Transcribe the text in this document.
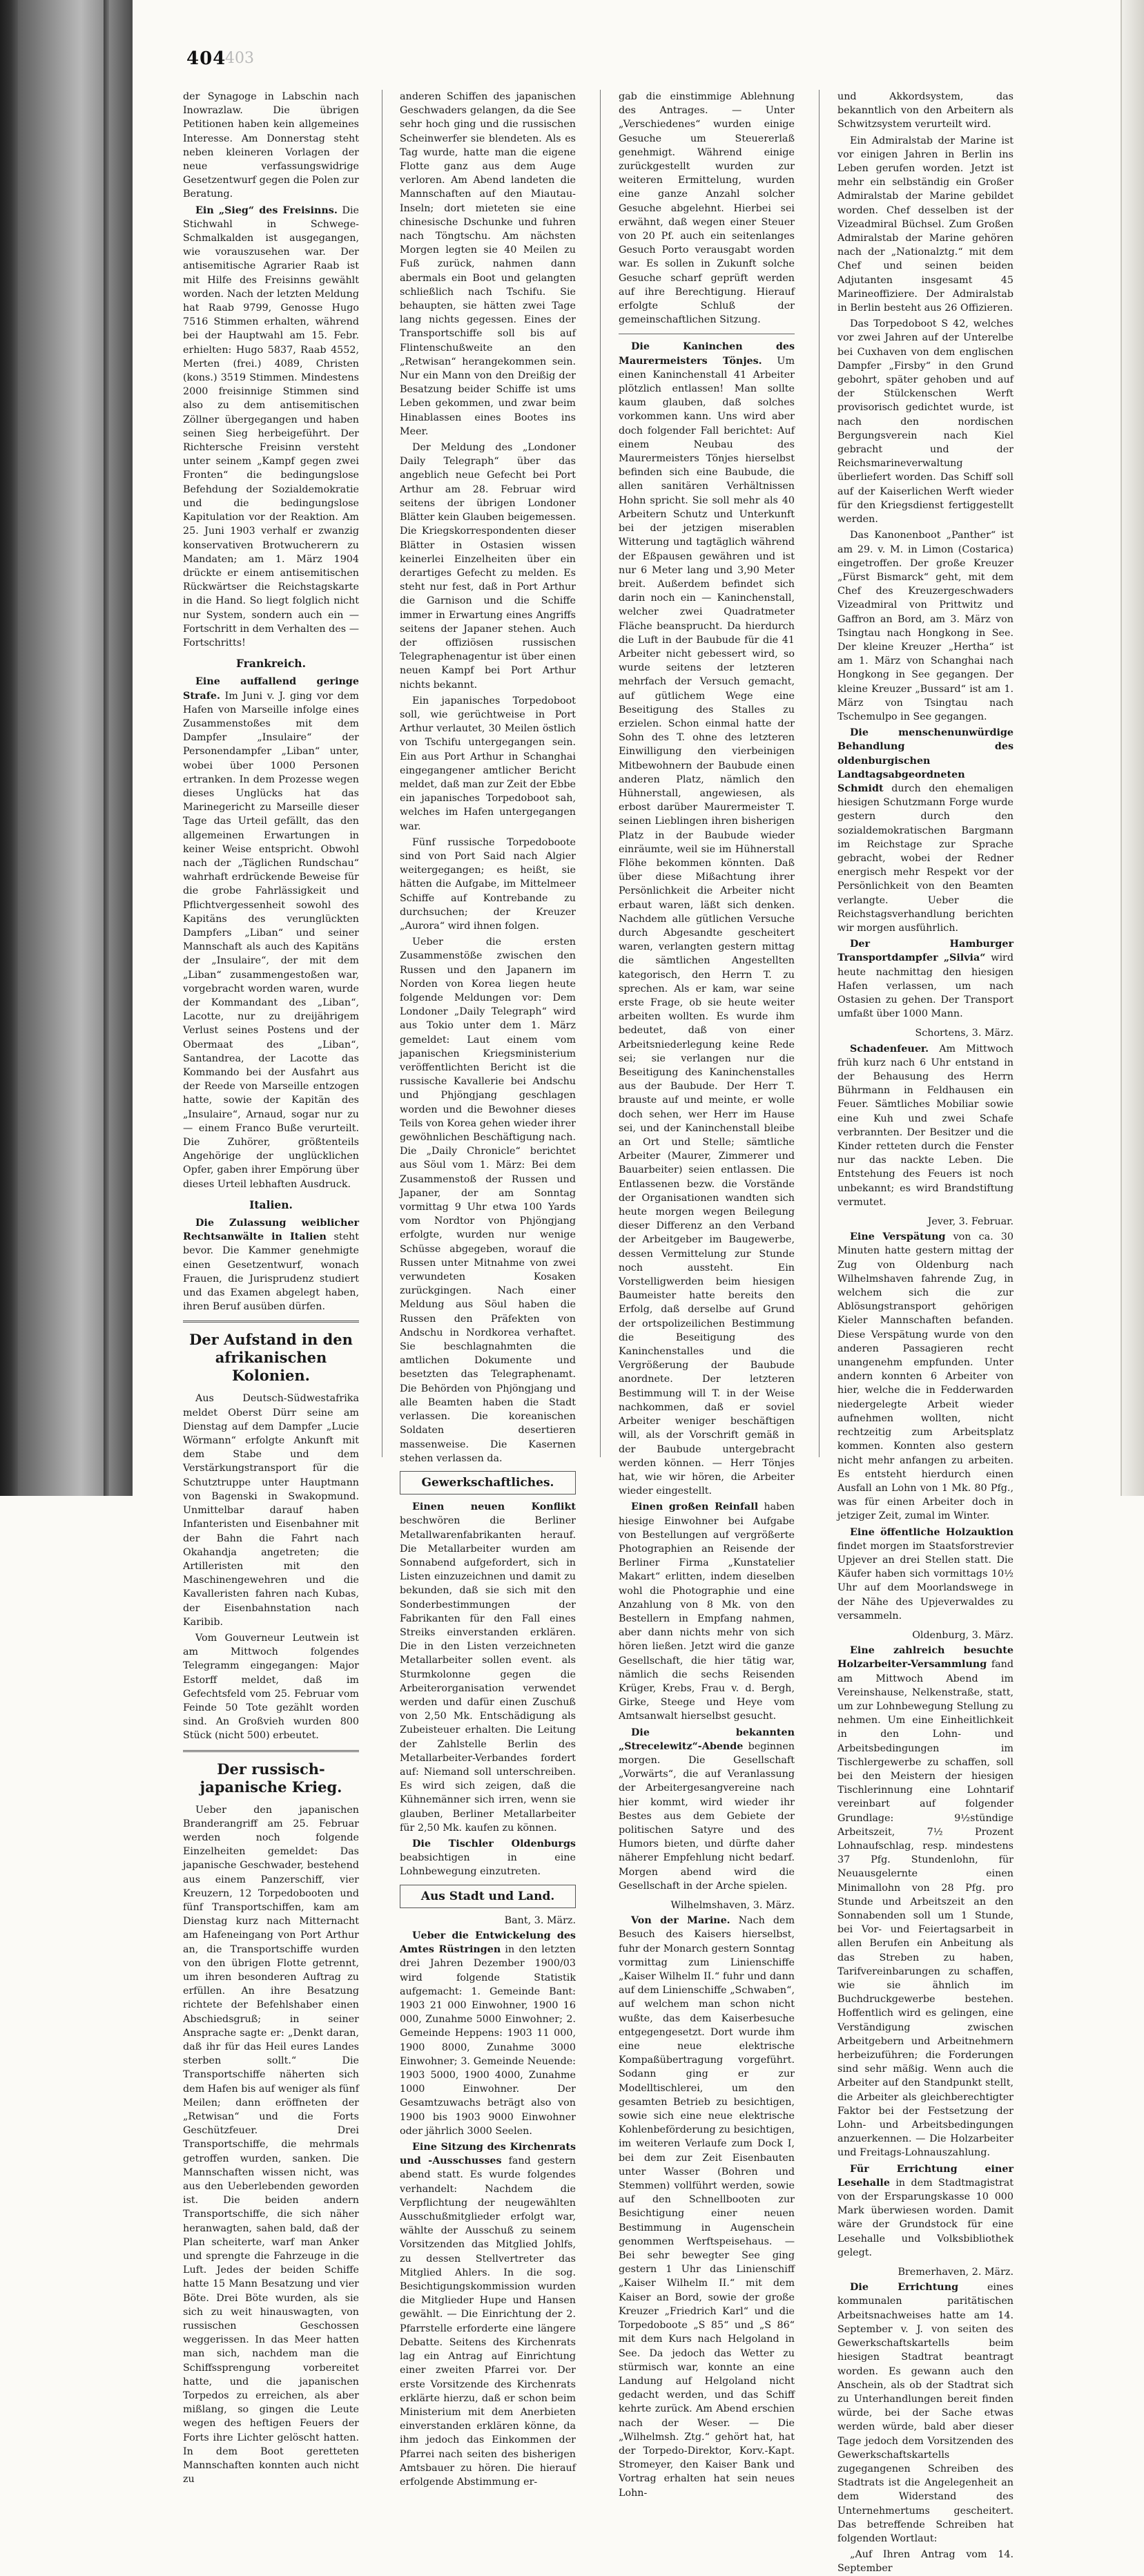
404
403

der Synagoge in Labschin nach Inowrazlaw. Die übrigen Petitionen haben kein allgemeines Interesse. Am Donnerstag steht neben kleineren Vorlagen der neue verfassungswidrige Gesetzentwurf gegen die Polen zur Beratung.

Ein „Sieg“ des Freisinns. Die Stichwahl in Schwege-Schmalkalden ist ausgegangen, wie vorauszusehen war. Der antisemitische Agrarier Raab ist mit Hilfe des Freisinns gewählt worden. Nach der letzten Meldung hat Raab 9799, Genosse Hugo 7516 Stimmen erhalten, während bei der Hauptwahl am 15. Febr. erhielten: Hugo 5837, Raab 4552, Merten (frei.) 4089, Christen (kons.) 3519 Stimmen. Mindestens 2000 freisinnige Stimmen sind also zu dem antisemitischen Zöllner übergegangen und haben seinen Sieg herbeigeführt. Der Richtersche Freisinn versteht unter seinem „Kampf gegen zwei Fronten“ die bedingungslose Befehdung der Sozialdemokratie und die bedingungslose Kapitulation vor der Reaktion. Am 25. Juni 1903 verhalf er zwanzig konservativen Brotwucherern zu Mandaten; am 1. März 1904 drückte er einem antisemitischen Rückwärtser die Reichstagskarte in die Hand. So liegt folglich nicht nur System, sondern auch ein — Fortschritt in dem Verhalten des — Fortschritts!

Frankreich.

Eine auffallend geringe Strafe. Im Juni v. J. ging vor dem Hafen von Marseille infolge eines Zusammenstoßes mit dem Dampfer „Insulaire“ der Personendampfer „Liban“ unter, wobei über 1000 Personen ertranken. In dem Prozesse wegen dieses Unglücks hat das Marinegericht zu Marseille dieser Tage das Urteil gefällt, das den allgemeinen Erwartungen in keiner Weise entspricht. Obwohl nach der „Täglichen Rundschau“ wahrhaft erdrückende Beweise für die grobe Fahrlässigkeit und Pflichtvergessenheit sowohl des Kapitäns des verunglückten Dampfers „Liban“ und seiner Mannschaft als auch des Kapitäns der „Insulaire“, der mit dem „Liban“ zusammengestoßen war, vorgebracht worden waren, wurde der Kommandant des „Liban“, Lacotte, nur zu dreijährigem Verlust seines Postens und der Obermaat des „Liban“, Santandrea, der Lacotte das Kommando bei der Ausfahrt aus der Reede von Marseille entzogen hatte, sowie der Kapitän des „Insulaire“, Arnaud, sogar nur zu — einem Franco Buße verurteilt. Die Zuhörer, größtenteils Angehörige der unglücklichen Opfer, gaben ihrer Empörung über dieses Urteil lebhaften Ausdruck.

Italien.

Die Zulassung weiblicher Rechtsanwälte in Italien steht bevor. Die Kammer genehmigte einen Gesetzentwurf, wonach Frauen, die Jurisprudenz studiert und das Examen abgelegt haben, ihren Beruf ausüben dürfen.

Der Aufstand in den afrikanischen Kolonien.

Aus Deutsch-Südwestafrika meldet Oberst Dürr seine am Dienstag auf dem Dampfer „Lucie Wörmann“ erfolgte Ankunft mit dem Stabe und dem Verstärkungstransport für die Schutztruppe unter Hauptmann von Bagenski in Swakopmund. Unmittelbar darauf haben Infanteristen und Eisenbahner mit der Bahn die Fahrt nach Okahandja angetreten; die Artilleristen mit den Maschinengewehren und die Kavalleristen fahren nach Kubas, der Eisenbahnstation nach Karibib.

Vom Gouverneur Leutwein ist am Mittwoch folgendes Telegramm eingegangen: Major Estorff meldet, daß im Gefechtsfeld vom 25. Februar vom Feinde 50 Tote gezählt worden sind. An Großvieh wurden 800 Stück (nicht 500) erbeutet.

Der russisch-japanische Krieg.

Ueber den japanischen Branderangriff am 25. Februar werden noch folgende Einzelheiten gemeldet: Das japanische Geschwader, bestehend aus einem Panzerschiff, vier Kreuzern, 12 Torpedobooten und fünf Transportschiffen, kam am Dienstag kurz nach Mitternacht am Hafeneingang von Port Arthur an, die Transportschiffe wurden von den übrigen Flotte getrennt, um ihren besonderen Auftrag zu erfüllen. An ihre Besatzung richtete der Befehlshaber einen Abschiedsgruß; in seiner Ansprache sagte er: „Denkt daran, daß ihr für das Heil eures Landes sterben sollt.“ Die Transportschiffe näherten sich dem Hafen bis auf weniger als fünf Meilen; dann eröffneten der „Retwisan“ und die Forts Geschützfeuer. Drei Transportschiffe, die mehrmals getroffen wurden, sanken. Die Mannschaften wissen nicht, was aus den Ueberlebenden geworden ist. Die beiden andern Transportschiffe, die sich näher heranwagten, sahen bald, daß der Plan scheiterte, warf man Anker und sprengte die Fahrzeuge in die Luft. Jedes der beiden Schiffe hatte 15 Mann Besatzung und vier Böte. Drei Böte wurden, als sie sich zu weit hinauswagten, von russischen Geschossen weggerissen. In das Meer hatten man sich, nachdem man die Schiffssprengung vorbereitet hatte, und die japanischen Torpedos zu erreichen, als aber mißlang, so gingen die Leute wegen des heftigen Feuers der Forts ihre Lichter gelöscht hatten. In dem Boot geretteten Mannschaften konnten auch nicht zu

anderen Schiffen des japanischen Geschwaders gelangen, da die See sehr hoch ging und die russischen Scheinwerfer sie blendeten. Als es Tag wurde, hatte man die eigene Flotte ganz aus dem Auge verloren. Am Abend landeten die Mannschaften auf den Miautau-Inseln; dort mieteten sie eine chinesische Dschunke und fuhren nach Töngtschu. Am nächsten Morgen legten sie 40 Meilen zu Fuß zurück, nahmen dann abermals ein Boot und gelangten schließlich nach Tschifu. Sie behaupten, sie hätten zwei Tage lang nichts gegessen. Eines der Transportschiffe soll bis auf Flintenschußweite an den „Retwisan“ herangekommen sein. Nur ein Mann von den Dreißig der Besatzung beider Schiffe ist ums Leben gekommen, und zwar beim Hinablassen eines Bootes ins Meer.

Der Meldung des „Londoner Daily Telegraph“ über das angeblich neue Gefecht bei Port Arthur am 28. Februar wird seitens der übrigen Londoner Blätter kein Glauben beigemessen. Die Kriegskorrespondenten dieser Blätter in Ostasien wissen keinerlei Einzelheiten über ein derartiges Gefecht zu melden. Es steht nur fest, daß in Port Arthur die Garnison und die Schiffe immer in Erwartung eines Angriffs seitens der Japaner stehen. Auch der offiziösen russischen Telegraphenagentur ist über einen neuen Kampf bei Port Arthur nichts bekannt.

Ein japanisches Torpedoboot soll, wie gerüchtweise in Port Arthur verlautet, 30 Meilen östlich von Tschifu untergegangen sein. Ein aus Port Arthur in Schanghai eingegangener amtlicher Bericht meldet, daß man zur Zeit der Ebbe ein japanisches Torpedoboot sah, welches im Hafen untergegangen war.

Fünf russische Torpedoboote sind von Port Said nach Algier weitergegangen; es heißt, sie hätten die Aufgabe, im Mittelmeer Schiffe auf Kontrebande zu durchsuchen; der Kreuzer „Aurora“ wird ihnen folgen.

Ueber die ersten Zusammenstöße zwischen den Russen und den Japanern im Norden von Korea liegen heute folgende Meldungen vor: Dem Londoner „Daily Telegraph“ wird aus Tokio unter dem 1. März gemeldet: Laut einem vom japanischen Kriegsministerium veröffentlichten Bericht ist die russische Kavallerie bei Andschu und Phjöngjang geschlagen worden und die Bewohner dieses Teils von Korea gehen wieder ihrer gewöhnlichen Beschäftigung nach. Die „Daily Chronicle“ berichtet aus Söul vom 1. März: Bei dem Zusammenstoß der Russen und Japaner, der am Sonntag vormittag 9 Uhr etwa 100 Yards vom Nordtor von Phjöngjang erfolgte, wurden nur wenige Schüsse abgegeben, worauf die Russen unter Mitnahme von zwei verwundeten Kosaken zurückgingen. Nach einer Meldung aus Söul haben die Russen den Präfekten von Andschu in Nordkorea verhaftet. Sie beschlagnahmten die amtlichen Dokumente und besetzten das Telegraphenamt. Die Behörden von Phjöngjang und alle Beamten haben die Stadt verlassen. Die koreanischen Soldaten desertieren massenweise. Die Kasernen stehen verlassen da.

Gewerkschaftliches.

Einen neuen Konflikt beschwören die Berliner Metallwarenfabrikanten herauf. Die Metallarbeiter wurden am Sonnabend aufgefordert, sich in Listen einzuzeichnen und damit zu bekunden, daß sie sich mit den Sonderbestimmungen der Fabrikanten für den Fall eines Streiks einverstanden erklären. Die in den Listen verzeichneten Metallarbeiter sollen event. als Sturmkolonne gegen die Arbeiterorganisation verwendet werden und dafür einen Zuschuß von 2,50 Mk. Entschädigung als Zubeisteuer erhalten. Die Leitung der Zahlstelle Berlin des Metallarbeiter-Verbandes fordert auf: Niemand soll unterschreiben. Es wird sich zeigen, daß die Kühnemänner sich irren, wenn sie glauben, Berliner Metallarbeiter für 2,50 Mk. kaufen zu können.

Die Tischler Oldenburgs beabsichtigen in eine Lohnbewegung einzutreten.

Aus Stadt und Land.
Bant, 3. März.

Ueber die Entwickelung des Amtes Rüstringen in den letzten drei Jahren Dezember 1900/03 wird folgende Statistik aufgemacht: 1. Gemeinde Bant: 1903 21 000 Einwohner, 1900 16 000, Zunahme 5000 Einwohner; 2. Gemeinde Heppens: 1903 11 000, 1900 8000, Zunahme 3000 Einwohner; 3. Gemeinde Neuende: 1903 5000, 1900 4000, Zunahme 1000 Einwohner. Der Gesamtzuwachs beträgt also von 1900 bis 1903 9000 Einwohner oder jährlich 3000 Seelen.

Eine Sitzung des Kirchenrats und -Ausschusses fand gestern abend statt. Es wurde folgendes verhandelt: Nachdem die Verpflichtung der neugewählten Ausschußmitglieder erfolgt war, wählte der Ausschuß zu seinem Vorsitzenden das Mitglied Johlfs, zu dessen Stellvertreter das Mitglied Ahlers. In die sog. Besichtigungskommission wurden die Mitglieder Hupe und Hansen gewählt. — Die Einrichtung der 2. Pfarrstelle erforderte eine längere Debatte. Seitens des Kirchenrats lag ein Antrag auf Einrichtung einer zweiten Pfarrei vor. Der erste Vorsitzende des Kirchenrats erklärte hierzu, daß er schon beim Ministerium mit dem Anerbieten einverstanden erklären könne, da ihm jedoch das Einkommen der Pfarrei nach seiten des bisherigen Amtsbauer zu hören. Die hierauf erfolgende Abstimmung er-

gab die einstimmige Ablehnung des Antrages. — Unter „Verschiedenes“ wurden einige Gesuche um Steuererlaß genehmigt. Während einige zurückgestellt wurden zur weiteren Ermittelung, wurden eine ganze Anzahl solcher Gesuche abgelehnt. Hierbei sei erwähnt, daß wegen einer Steuer von 20 Pf. auch ein seitenlanges Gesuch Porto verausgabt worden war. Es sollen in Zukunft solche Gesuche scharf geprüft werden auf ihre Berechtigung. Hierauf erfolgte Schluß der gemeinschaftlichen Sitzung.

Die Kaninchen des Maurermeisters Tönjes. Um einen Kaninchenstall 41 Arbeiter plötzlich entlassen! Man sollte kaum glauben, daß solches vorkommen kann. Uns wird aber doch folgender Fall berichtet: Auf einem Neubau des Maurermeisters Tönjes hierselbst befinden sich eine Baubude, die allen sanitären Verhältnissen Hohn spricht. Sie soll mehr als 40 Arbeitern Schutz und Unterkunft bei der jetzigen miserablen Witterung und tagtäglich während der Eßpausen gewähren und ist nur 6 Meter lang und 3,90 Meter breit. Außerdem befindet sich darin noch ein — Kaninchenstall, welcher zwei Quadratmeter Fläche beansprucht. Da hierdurch die Luft in der Baubude für die 41 Arbeiter nicht gebessert wird, so wurde seitens der letzteren mehrfach der Versuch gemacht, auf gütlichem Wege eine Beseitigung des Stalles zu erzielen. Schon einmal hatte der Sohn des T. ohne des letzteren Einwilligung den vierbeinigen Mitbewohnern der Baubude einen anderen Platz, nämlich den Hühnerstall, angewiesen, als erbost darüber Maurermeister T. seinen Lieblingen ihren bisherigen Platz in der Baubude wieder einräumte, weil sie im Hühnerstall Flöhe bekommen könnten. Daß über diese Mißachtung ihrer Persönlichkeit die Arbeiter nicht erbaut waren, läßt sich denken. Nachdem alle gütlichen Versuche durch Abgesandte gescheitert waren, verlangten gestern mittag die sämtlichen Angestellten kategorisch, den Herrn T. zu sprechen. Als er kam, war seine erste Frage, ob sie heute weiter arbeiten wollten. Es wurde ihm bedeutet, daß von einer Arbeitsniederlegung keine Rede sei; sie verlangen nur die Beseitigung des Kaninchenstalles aus der Baubude. Der Herr T. brauste auf und meinte, er wolle doch sehen, wer Herr im Hause sei, und der Kaninchenstall bleibe an Ort und Stelle; sämtliche Arbeiter (Maurer, Zimmerer und Bauarbeiter) seien entlassen. Die Entlassenen bezw. die Vorstände der Organisationen wandten sich heute morgen wegen Beilegung dieser Differenz an den Verband der Arbeitgeber im Baugewerbe, dessen Vermittelung zur Stunde noch aussteht. Ein Vorstelligwerden beim hiesigen Baumeister hatte bereits den Erfolg, daß derselbe auf Grund der ortspolizeilichen Bestimmung die Beseitigung des Kaninchenstalles und die Vergrößerung der Baubude anordnete. Der letzteren Bestimmung will T. in der Weise nachkommen, daß er soviel Arbeiter weniger beschäftigen will, als der Vorschrift gemäß in der Baubude untergebracht werden können. — Herr Tönjes hat, wie wir hören, die Arbeiter wieder eingestellt.

Einen großen Reinfall haben hiesige Einwohner bei Aufgabe von Bestellungen auf vergrößerte Photographien an Reisende der Berliner Firma „Kunstatelier Makart“ erlitten, indem dieselben wohl die Photographie und eine Anzahlung von 8 Mk. von den Bestellern in Empfang nahmen, aber dann nichts mehr von sich hören ließen. Jetzt wird die ganze Gesellschaft, die hier tätig war, nämlich die sechs Reisenden Krüger, Krebs, Frau v. d. Bergh, Girke, Steege und Heye vom Amtsanwalt hierselbst gesucht.

Die bekannten „Strecelewitz“-Abende beginnen morgen. Die Gesellschaft „Vorwärts“, die auf Veranlassung der Arbeitergesangvereine nach hier kommt, wird wieder ihr Bestes aus dem Gebiete der politischen Satyre und des Humors bieten, und dürfte daher näherer Empfehlung nicht bedarf. Morgen abend wird die Gesellschaft in der Arche spielen.

Wilhelmshaven, 3. März.

Von der Marine. Nach dem Besuch des Kaisers hierselbst, fuhr der Monarch gestern Sonntag vormittag zum Linienschiffe „Kaiser Wilhelm II.“ fuhr und dann auf dem Linienschiffe „Schwaben“, auf welchem man schon nicht wußte, das dem Kaiserbesuche entgegengesetzt. Dort wurde ihm eine neue elektrische Kompaßübertragung vorgeführt. Sodann ging er zur Modelltischlerei, um den gesamten Betrieb zu besichtigen, sowie sich eine neue elektrische Kohlenbeförderung zu besichtigen, im weiteren Verlaufe zum Dock I, bei dem zur Zeit Eisenbauten unter Wasser (Bohren und Stemmen) vollführt werden, sowie auf den Schnellbooten zur Besichtigung einer neuen Bestimmung in Augenschein genommen Werftspeisehaus. — Bei sehr bewegter See ging gestern 1 Uhr das Linienschiff „Kaiser Wilhelm II.“ mit dem Kaiser an Bord, sowie der große Kreuzer „Friedrich Karl“ und die Torpedoboote „S 85“ und „S 86“ mit dem Kurs nach Helgoland in See. Da jedoch das Wetter zu stürmisch war, konnte an eine Landung auf Helgoland nicht gedacht werden, und das Schiff kehrte zurück. Am Abend erschien nach der Weser. — Die „Wilhelmsh. Ztg.“ gehört hat, hat der Torpedo-Direktor, Korv.-Kapt. Stromeyer, den Kaiser Bank und Vortrag erhalten hat sein neues Lohn-

und Akkordsystem, das bekanntlich von den Arbeitern als Schwitzsystem verurteilt wird.

Ein Admiralstab der Marine ist vor einigen Jahren in Berlin ins Leben gerufen worden. Jetzt ist mehr ein selbständig ein Großer Admiralstab der Marine gebildet worden. Chef desselben ist der Vizeadmiral Büchsel. Zum Großen Admiralstab der Marine gehören nach der „Nationalztg.“ mit dem Chef und seinen beiden Adjutanten insgesamt 45 Marineoffiziere. Der Admiralstab in Berlin besteht aus 26 Offizieren.

Das Torpedoboot S 42, welches vor zwei Jahren auf der Unterelbe bei Cuxhaven von dem englischen Dampfer „Firsby“ in den Grund gebohrt, später gehoben und auf der Stülckenschen Werft provisorisch gedichtet wurde, ist nach den nordischen Bergungsverein nach Kiel gebracht und der Reichsmarineverwaltung überliefert worden. Das Schiff soll auf der Kaiserlichen Werft wieder für den Kriegsdienst fertiggestellt werden.

Das Kanonenboot „Panther“ ist am 29. v. M. in Limon (Costarica) eingetroffen. Der große Kreuzer „Fürst Bismarck“ geht, mit dem Chef des Kreuzergeschwaders Vizeadmiral von Prittwitz und Gaffron an Bord, am 3. März von Tsingtau nach Hongkong in See. Der kleine Kreuzer „Hertha“ ist am 1. März von Schanghai nach Hongkong in See gegangen. Der kleine Kreuzer „Bussard“ ist am 1. März von Tsingtau nach Tschemulpo in See gegangen.

Die menschenunwürdige Behandlung des oldenburgischen Landtagsabgeordneten Schmidt durch den ehemaligen hiesigen Schutzmann Forge wurde gestern durch den sozialdemokratischen Bargmann im Reichstage zur Sprache gebracht, wobei der Redner energisch mehr Respekt vor der Persönlichkeit von den Beamten verlangte. Ueber die Reichstagsverhandlung berichten wir morgen ausführlich.

Der Hamburger Transportdampfer „Silvia“ wird heute nachmittag den hiesigen Hafen verlassen, um nach Ostasien zu gehen. Der Transport umfaßt über 1000 Mann.

Schortens, 3. März.

Schadenfeuer. Am Mittwoch früh kurz nach 6 Uhr entstand in der Behausung des Herrn Bührmann in Feldhausen ein Feuer. Sämtliches Mobiliar sowie eine Kuh und zwei Schafe verbrannten. Der Besitzer und die Kinder retteten durch die Fenster nur das nackte Leben. Die Entstehung des Feuers ist noch unbekannt; es wird Brandstiftung vermutet.

Jever, 3. Februar.

Eine Verspätung von ca. 30 Minuten hatte gestern mittag der Zug von Oldenburg nach Wilhelmshaven fahrende Zug, in welchem sich die zur Ablösungstransport gehörigen Kieler Mannschaften befanden. Diese Verspätung wurde von den anderen Passagieren recht unangenehm empfunden. Unter andern konnten 6 Arbeiter von hier, welche die in Fedderwarden niedergelegte Arbeit wieder aufnehmen wollten, nicht rechtzeitig zum Arbeitsplatz kommen. Konnten also gestern nicht mehr anfangen zu arbeiten. Es entsteht hierdurch einen Ausfall an Lohn von 1 Mk. 80 Pfg., was für einen Arbeiter doch in jetziger Zeit, zumal im Winter.

Eine öffentliche Holzauktion findet morgen im Staatsforstrevier Upjever an drei Stellen statt. Die Käufer haben sich vormittags 10½ Uhr auf dem Moorlandswege in der Nähe des Upjeverwaldes zu versammeln.

Oldenburg, 3. März.

Eine zahlreich besuchte Holzarbeiter-Versammlung fand am Mittwoch Abend im Vereinshause, Nelkenstraße, statt, um zur Lohnbewegung Stellung zu nehmen. Um eine Einheitlichkeit in den Lohn- und Arbeitsbedingungen im Tischlergewerbe zu schaffen, soll bei den Meistern der hiesigen Tischlerinnung eine Lohntarif vereinbart auf folgender Grundlage: 9½stündige Arbeitszeit, 7½ Prozent Lohnaufschlag, resp. mindestens 37 Pfg. Stundenlohn, für Neuausgelernte einen Minimallohn von 28 Pfg. pro Stunde und Arbeitszeit an den Sonnabenden soll um 1 Stunde, bei Vor- und Feiertagsarbeit in allen Berufen ein Anbeitung als das Streben zu haben, Tarifvereinbarungen zu schaffen, wie sie ähnlich im Buchdruckgewerbe bestehen. Hoffentlich wird es gelingen, eine Verständigung zwischen Arbeitgebern und Arbeitnehmern herbeizuführen; die Forderungen sind sehr mäßig. Wenn auch die Arbeiter auf den Standpunkt stellt, die Arbeiter als gleichberechtigter Faktor bei der Festsetzung der Lohn- und Arbeitsbedingungen anzuerkennen. — Die Holzarbeiter und Freitags-Lohnauszahlung.

Für Errichtung einer Lesehalle in dem Stadtmagistrat von der Ersparungskasse 10 000 Mark überwiesen worden. Damit wäre der Grundstock für eine Lesehalle und Volksbibliothek gelegt.

Bremerhaven, 2. März.

Die Errichtung	eines kommunalen paritätischen Arbeitsnachweises hatte am 14. September v. J. von seiten des Gewerkschaftskartells beim hiesigen Stadtrat beantragt worden. Es gewann auch den Anschein, als ob der Stadtrat sich zu Unterhandlungen bereit finden würde, bei der Sache etwas werden würde, bald aber dieser Tage jedoch dem Vorsitzenden des Gewerkschaftskartells zugegangenen Schreiben des Stadtrats ist die Angelegenheit an dem Widerstand des Unternehmertums gescheitert. Das betreffende Schreiben hat folgenden Wortlaut:

„Auf Ihren Antrag vom 14. September
